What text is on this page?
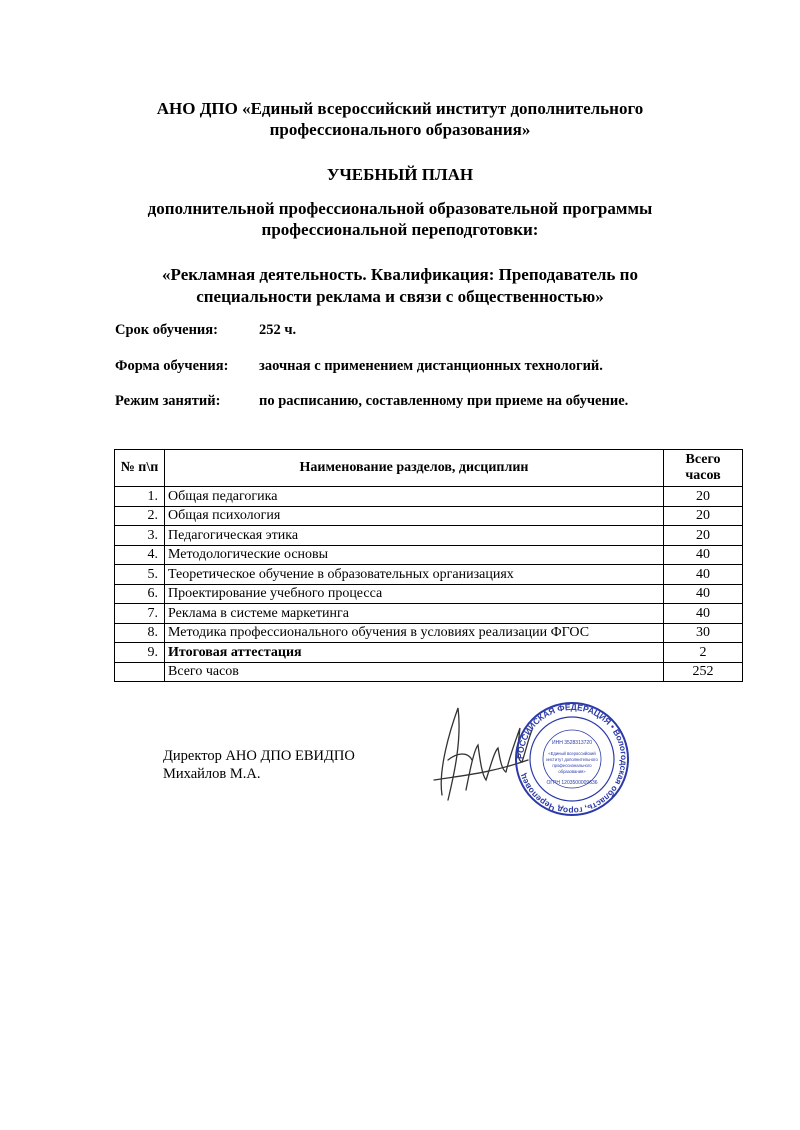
АНО ДПО «Единый всероссийский институт дополнительного
профессионального образования»
УЧЕБНЫЙ ПЛАН
дополнительной профессиональной образовательной программы
профессиональной переподготовки:
«Рекламная деятельность. Квалификация: Преподаватель по
специальности реклама и связи с общественностью»
Срок обучения:	252 ч.
Форма обучения: заочная с применением дистанционных технологий.
Режим занятий:	по расписанию, составленному при приеме на обучение.
№ п\п	Наименование разделов, дисциплин	Всего часов
1.	Общая педагогика	20
2.	Общая психология	20
3.	Педагогическая этика	20
4.	Методологические основы	40
5.	Теоретическое обучение в образовательных организациях	40
6.	Проектирование учебного процесса	40
7.	Реклама в системе маркетинга	40
8.	Методика профессионального обучения в условиях реализации ФГОС	30
9.	Итоговая аттестация	2
	Всего часов	252
Директор АНО ДПО ЕВИДПО
Михайлов М.А.
РОССИЙСКАЯ ФЕДЕРАЦИЯ • Вологодская область, город Череповец
ИНН 3528313720
«Единый всероссийский
институт дополнительного
профессионального
образования»
ОГРН 1203500009636
